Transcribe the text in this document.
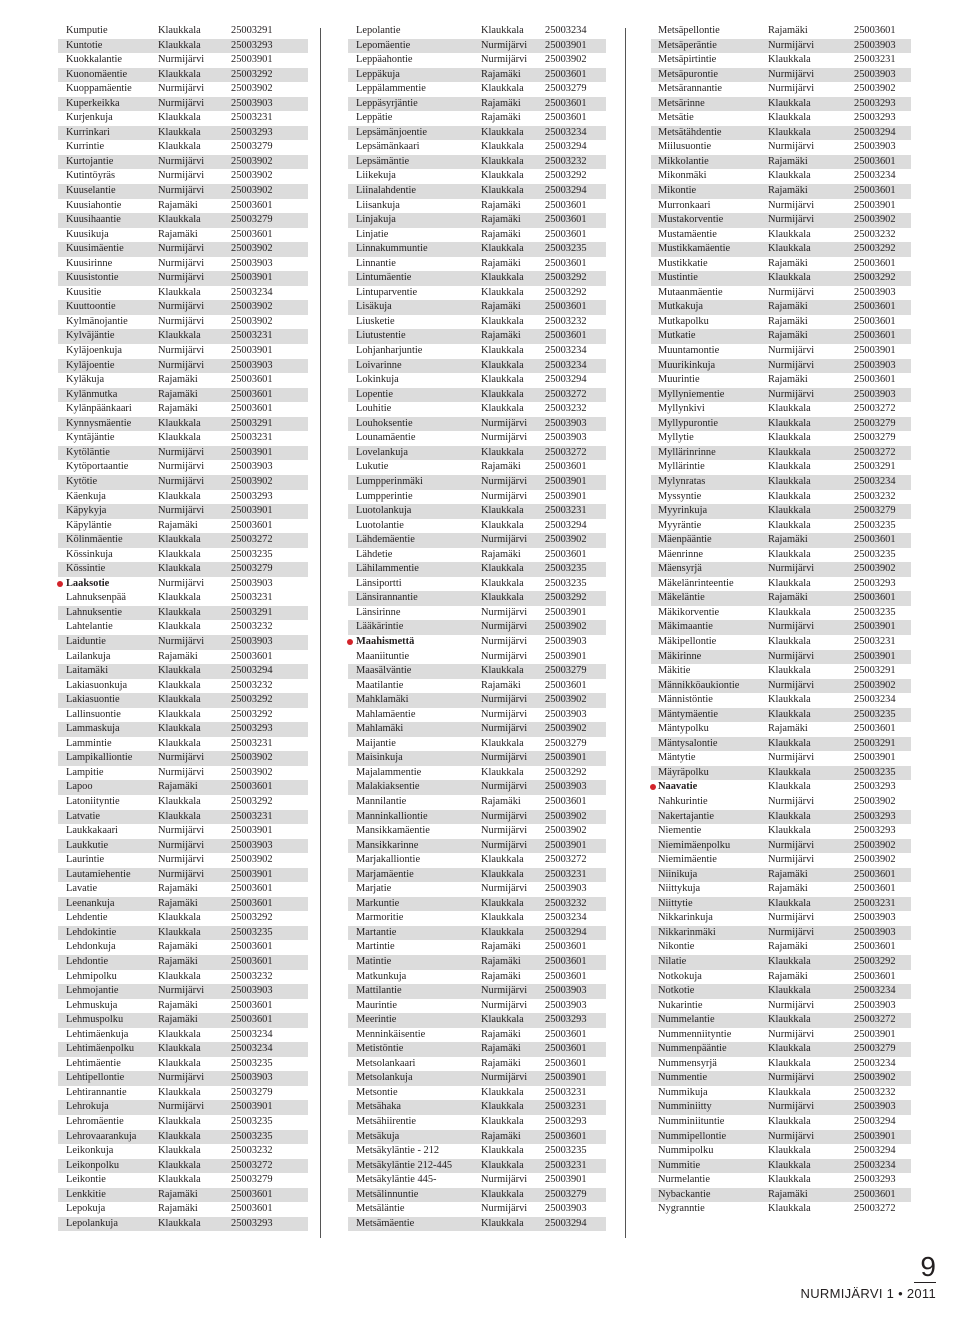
Kumputie	Klaukkala	25003291
Kuntotie	Klaukkala	25003293
Kuokkalantie	Nurmijärvi	25003901
Kuonomäentie	Klaukkala	25003292
Kuoppamäentie	Nurmijärvi	25003902
Kuperkeikka	Nurmijärvi	25003903
Kurjenkuja	Klaukkala	25003231
Kurrinkari	Klaukkala	25003293
Kurrintie	Klaukkala	25003279
Kurtojantie	Nurmijärvi	25003902
Kutintöyräs	Nurmijärvi	25003902
Kuuselantie	Nurmijärvi	25003902
Kuusiahontie	Rajamäki	25003601
Kuusihaantie	Klaukkala	25003279
Kuusikuja	Rajamäki	25003601
Kuusimäentie	Nurmijärvi	25003902
Kuusirinne	Nurmijärvi	25003903
Kuusistontie	Nurmijärvi	25003901
Kuusitie	Klaukkala	25003234
Kuuttoontie	Nurmijärvi	25003902
Kylmänojantie	Nurmijärvi	25003902
Kylväjäntie	Klaukkala	25003231
Kyläjoenkuja	Nurmijärvi	25003901
Kyläjoentie	Nurmijärvi	25003903
Kyläkuja	Rajamäki	25003601
Kylänmutka	Rajamäki	25003601
Kylänpäänkaari	Rajamäki	25003601
Kynnysmäentie	Klaukkala	25003291
Kyntäjäntie	Klaukkala	25003231
Kytöläntie	Nurmijärvi	25003901
Kytöportaantie	Nurmijärvi	25003903
Kytötie	Nurmijärvi	25003902
Käenkuja	Klaukkala	25003293
Käpykyja	Nurmijärvi	25003901
Käpyläntie	Rajamäki	25003601
Kölinmäentie	Klaukkala	25003272
Kössinkuja	Klaukkala	25003235
Kössintie	Klaukkala	25003279
Laaksotie	Nurmijärvi	25003903
Lahnuksenpää	Klaukkala	25003231
Lahnuksentie	Klaukkala	25003291
Lahtelantie	Klaukkala	25003232
Laiduntie	Nurmijärvi	25003903
Lailankuja	Rajamäki	25003601
Laitamäki	Klaukkala	25003294
Lakiasuonkuja	Klaukkala	25003232
Lakiasuontie	Klaukkala	25003292
Lallinsuontie	Klaukkala	25003292
Lammaskuja	Klaukkala	25003293
Lammintie	Klaukkala	25003231
Lampikalliontie Nurmijärvi	25003902
Lampitie	Nurmijärvi	25003902
Lapoo	Rajamäki	25003601
Latoniityntie	Klaukkala	25003292
Latvatie	Klaukkala	25003231
Laukkakaari	Nurmijärvi	25003901
Laukkutie	Nurmijärvi	25003903
Laurintie	Nurmijärvi	25003902
Lautamiehentie	Nurmijärvi	25003901
Lavatie	Rajamäki	25003601
Leenankuja	Rajamäki	25003601
Lehdentie	Klaukkala	25003292
Lehdokintie	Klaukkala	25003235
Lehdonkuja	Rajamäki	25003601
Lehdontie	Rajamäki	25003601
Lehmipolku	Klaukkala	25003232
Lehmojantie	Nurmijärvi	25003903
Lehmuskuja	Rajamäki	25003601
Lehmuspolku	Rajamäki	25003601
Lehtimäenkuja	Klaukkala	25003234
Lehtimäenpolku Klaukkala	25003234
Lehtimäentie	Klaukkala	25003235
Lehtipellontie	Nurmijärvi	25003903
Lehtirannantie	Klaukkala	25003279
Lehrokuja	Nurmijärvi	25003901
Lehromäentie	Klaukkala	25003235
Lehrovaarankuja Klaukkala	25003235
Leikonkuja	Klaukkala	25003232
Leikonpolku	Klaukkala	25003272
Leikontie	Klaukkala	25003279
Lenkkitie	Rajamäki	25003601
Lepokuja	Rajamäki	25003601
Lepolankuja	Klaukkala	25003293
Lepolantie	Klaukkala 25003234
Lepomäentie	Nurmijärvi 25003901
Leppäahontie	Nurmijärvi 25003902
Leppäkuja	Rajamäki 25003601
Leppälammentie	Klaukkala 25003279
Leppäsyrjäntie	Rajamäki 25003601
Leppätie	Rajamäki 25003601
Lepsämänjoentie	Klaukkala 25003234
Lepsämänkaari	Klaukkala 25003294
Lepsämäntie	Klaukkala 25003232
Liikekuja	Klaukkala 25003292
Liinalahdentie	Klaukkala 25003294
Liisankuja	Rajamäki 25003601
Linjakuja	Rajamäki 25003601
Linjatie	Rajamäki 25003601
Linnakummuntie	Klaukkala 25003235
Linnantie	Rajamäki 25003601
Lintumäentie	Klaukkala 25003292
Lintuparventie	Klaukkala 25003292
Lisäkuja	Rajamäki 25003601
Liusketie	Klaukkala 25003232
Liutustentie	Rajamäki 25003601
Lohjanharjuntie	Klaukkala 25003234
Loivarinne	Klaukkala 25003234
Lokinkuja	Klaukkala 25003294
Lopentie	Klaukkala 25003272
Louhitie	Klaukkala 25003232
Louhoksentie	Nurmijärvi 25003903
Lounamäentie	Nurmijärvi 25003903
Lovelankuja	Klaukkala 25003272
Lukutie	Rajamäki 25003601
Lumpperinmäki	Nurmijärvi 25003901
Lumpperintie	Nurmijärvi 25003901
Luotolankuja	Klaukkala 25003231
Luotolantie	Klaukkala 25003294
Lähdemäentie	Nurmijärvi 25003902
Lähdetie	Rajamäki 25003601
Lähilammentie	Klaukkala 25003235
Länsiportti	Klaukkala 25003235
Länsirannantie	Klaukkala 25003292
Länsirinne	Nurmijärvi 25003901
Lääkärintie	Nurmijärvi 25003902
Maahismettä	Nurmijärvi 25003903
Maaniituntie	Nurmijärvi 25003901
Maasälväntie	Klaukkala 25003279
Maatilantie	Rajamäki 25003601
Mahklamäki	Nurmijärvi 25003902
Mahlamäentie	Nurmijärvi 25003903
Mahlamäki	Nurmijärvi 25003902
Maijantie	Klaukkala 25003279
Maisinkuja	Nurmijärvi 25003901
Majalammentie	Klaukkala 25003292
Malakiaksentie	Nurmijärvi 25003903
Mannilantie	Rajamäki 25003601
Manninkalliontie	Nurmijärvi 25003902
Mansikkamäentie	Nurmijärvi 25003902
Mansikkarinne	Nurmijärvi 25003901
Marjakalliontie	Klaukkala 25003272
Marjamäentie	Klaukkala 25003231
Marjatie	Nurmijärvi 25003903
Markuntie	Klaukkala 25003232
Marmoritie	Klaukkala 25003234
Martantie	Klaukkala 25003294
Martintie	Rajamäki 25003601
Matintie	Rajamäki 25003601
Matkunkuja	Rajamäki 25003601
Mattilantie	Nurmijärvi 25003903
Maurintie	Nurmijärvi 25003903
Meerintie	Klaukkala 25003293
Menninkäisentie	Rajamäki 25003601
Metistöntie	Rajamäki 25003601
Metsolankaari	Rajamäki 25003601
Metsolankuja	Nurmijärvi 25003901
Metsontie	Klaukkala 25003231
Metsähaka	Klaukkala 25003231
Metsähiirentie	Klaukkala 25003293
Metsäkuja	Rajamäki 25003601
Metsäkyläntie - 212	Klaukkala 25003235
Metsäkyläntie 212-445	Klaukkala 25003231
Metsäkyläntie 445-	Nurmijärvi 25003901
Metsälinnuntie	Klaukkala 25003279
Metsäläntie	Nurmijärvi 25003903
Metsämäentie	Klaukkala 25003294
Metsäpellontie	Rajamäki	25003601
Metsäperäntie	Nurmijärvi	25003903
Metsäpirtintie	Klaukkala	25003231
Metsäpurontie	Nurmijärvi	25003903
Metsärannantie	Nurmijärvi	25003902
Metsärinne	Klaukkala	25003293
Metsätie	Klaukkala	25003293
Metsätähdentie	Klaukkala	25003294
Miilusuontie	Nurmijärvi	25003903
Mikkolantie	Rajamäki	25003601
Mikonmäki	Klaukkala	25003234
Mikontie	Rajamäki	25003601
Murronkaari	Nurmijärvi	25003901
Mustakorventie	Nurmijärvi	25003902
Mustamäentie	Klaukkala	25003232
Mustikkamäentie	Klaukkala	25003292
Mustikkatie	Rajamäki	25003601
Mustintie	Klaukkala	25003292
Mutaanmäentie	Nurmijärvi	25003903
Mutkakuja	Rajamäki	25003601
Mutkapolku	Rajamäki	25003601
Mutkatie	Rajamäki	25003601
Muuntamontie	Nurmijärvi	25003901
Muurikinkuja	Nurmijärvi	25003903
Muurintie	Rajamäki	25003601
Myllyniementie	Nurmijärvi	25003903
Myllynkivi	Klaukkala	25003272
Myllypurontie	Klaukkala	25003279
Myllytie	Klaukkala	25003279
Myllärinrinne	Klaukkala	25003272
Myllärintie	Klaukkala	25003291
Mylynratas	Klaukkala	25003234
Myssyntie	Klaukkala	25003232
Myyrinkuja	Klaukkala	25003279
Myyräntie	Klaukkala	25003235
Mäenpääntie	Rajamäki	25003601
Mäenrinne	Klaukkala	25003235
Mäensyrjä	Nurmijärvi	25003902
Mäkelänrinteentie	Klaukkala	25003293
Mäkeläntie	Rajamäki	25003601
Mäkikorventie	Klaukkala	25003235
Mäkimaantie	Nurmijärvi	25003901
Mäkipellontie	Klaukkala	25003231
Mäkirinne	Nurmijärvi	25003901
Mäkitie	Klaukkala	25003291
Männikköaukiontie	Nurmijärvi	25003902
Männistöntie	Klaukkala	25003234
Mäntymäentie	Klaukkala	25003235
Mäntypolku	Rajamäki	25003601
Mäntysalontie	Klaukkala	25003291
Mäntytie	Nurmijärvi	25003901
Mäyräpolku	Klaukkala	25003235
Naavatie	Klaukkala	25003293
Nahkurintie	Nurmijärvi	25003902
Nakertajantie	Klaukkala	25003293
Niementie	Klaukkala	25003293
Niemimäenpolku	Nurmijärvi	25003902
Niemimäentie	Nurmijärvi	25003902
Niinikuja	Rajamäki	25003601
Niittykuja	Rajamäki	25003601
Niittytie	Klaukkala	25003231
Nikkarinkuja	Nurmijärvi	25003903
Nikkarinmäki	Nurmijärvi	25003903
Nikontie	Rajamäki	25003601
Nilatie	Klaukkala	25003292
Notkokuja	Rajamäki	25003601
Notkotie	Klaukkala	25003234
Nukarintie	Nurmijärvi	25003903
Nummelantie	Klaukkala	25003272
Nummenniityntie	Nurmijärvi	25003901
Nummenpääntie	Klaukkala	25003279
Nummensyrjä	Klaukkala	25003234
Nummentie	Nurmijärvi	25003902
Nummikuja	Klaukkala	25003232
Numminiitty	Nurmijärvi	25003903
Numminiituntie	Klaukkala	25003294
Nummipellontie	Nurmijärvi	25003901
Nummipolku	Klaukkala	25003294
Nummitie	Klaukkala	25003234
Nurmelantie	Klaukkala	25003293
Nybackantie	Rajamäki	25003601
Nygranntie	Klaukkala	25003272
9
NURMIJÄRVI 1 • 2011
